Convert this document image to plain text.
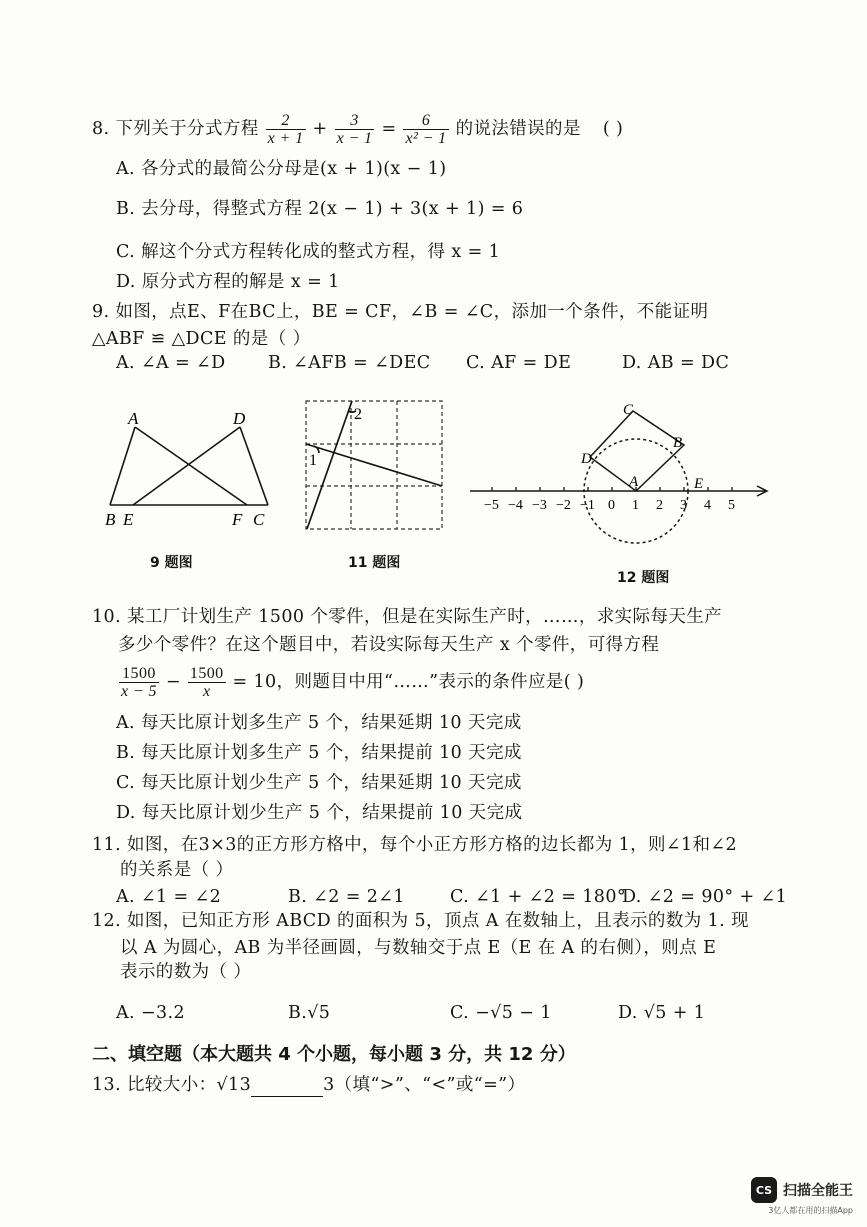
8. 下列关于分式方程 $\frac{2}{x + 1} + \frac{3}{x - 1} = \frac{6}{\text{x² − 1}}$ 的说法错误的是 ( )
A. 各分式的最简公分母是(x + 1)(x − 1)
B. 去分母，得整式方程 2(x − 1) + 3(x + 1) = 6
C. 解这个分式方程转化成的整式方程，得 x = 1
D. 原分式方程的解是 x = 1
9. 如图，点E、F在BC上，BE = CF，∠B = ∠C，添加一个条件，不能证明
△ABF ≌ △DCE 的是（ ）
A. ∠A = ∠D B. ∠AFB = ∠DEC C. AF = DE	D. AB = DC
A	D
B E	F C
9 题图
1
2
11 题图
−5 −4 −3 −2 −1 0 1 2 3 4 5
C
B
D
A	E
12 题图
10. 某工厂计划生产 1500 个零件，但是在实际生产时，……，求实际每天生产
多少个零件？在这个题目中，若设实际每天生产 x 个零件，可得方程
$\frac{1500}{x - 5} - \frac{1500}{x} = 10$，则题目中用“……”表示的条件应是( )
A. 每天比原计划多生产 5 个，结果延期 10 天完成
B. 每天比原计划多生产 5 个，结果提前 10 天完成
C. 每天比原计划少生产 5 个，结果延期 10 天完成
D. 每天比原计划少生产 5 个，结果提前 10 天完成
11. 如图，在3×3的正方形方格中，每个小正方形方格的边长都为 1，则∠1和∠2
的关系是（ ）
A. ∠1 = ∠2	B. ∠2 = 2∠1	C. ∠1 + ∠2 = 180°
D. ∠2 = 90° + ∠1
12. 如图，已知正方形 ABCD 的面积为 5，顶点 A 在数轴上，且表示的数为 1. 现
以 A 为圆心，AB 为半径画圆，与数轴交于点 E（E 在 A 的右侧），则点 E
表示的数为（ ）
A. −3.2	B.√5	C. −√5 − 1	D. √5 + 1
二、填空题（本大题共 4 个小题，每小题 3 分，共 12 分）
13. 比较大小：√13	3（填“>”、“<”或“=”）
CS 扫描全能王
3亿人都在用的扫描App
